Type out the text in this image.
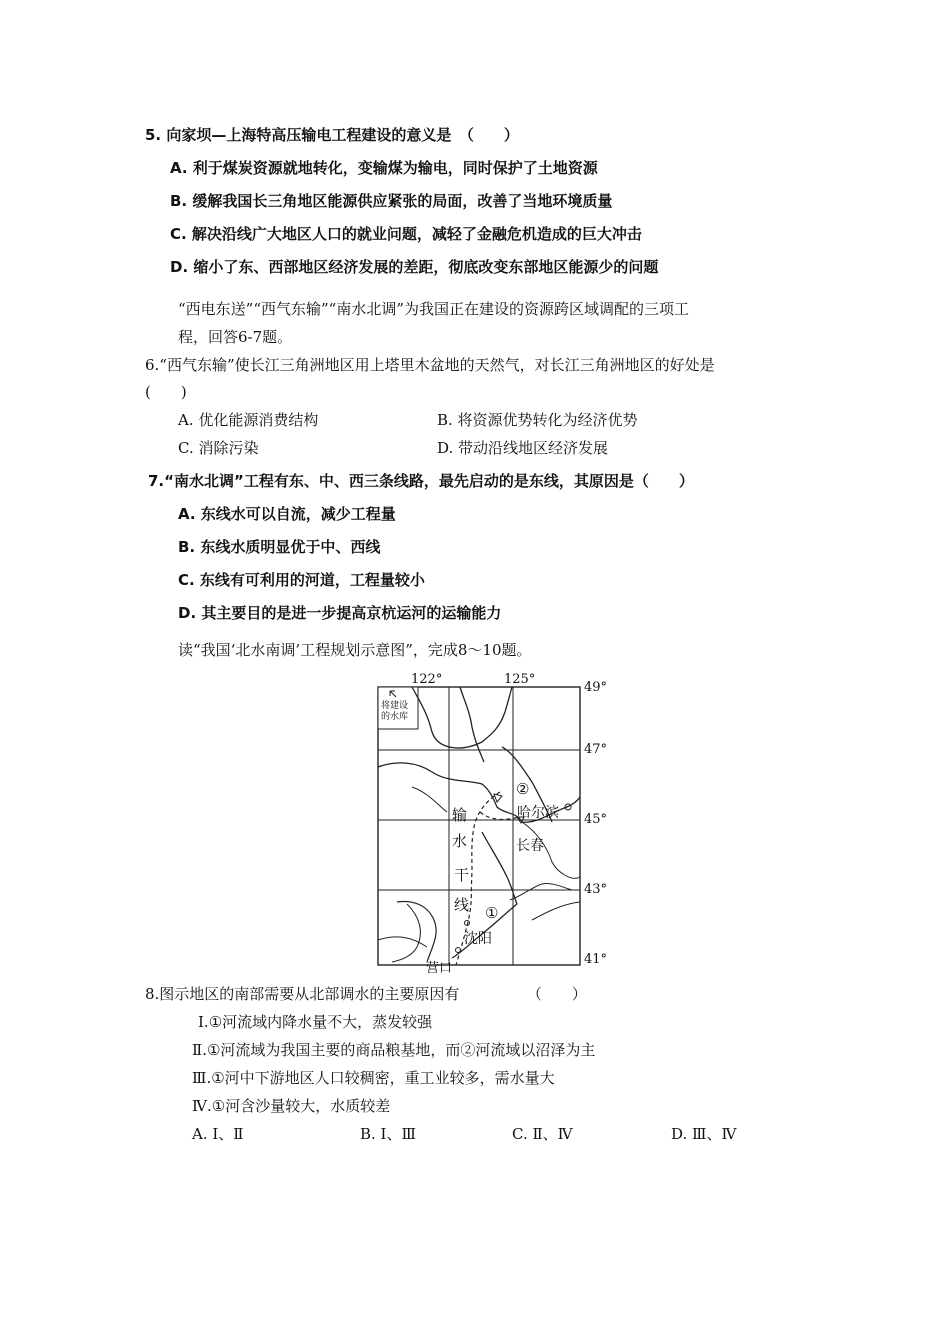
5. 向家坝—上海特高压输电工程建设的意义是　（　　）
A. 利于煤炭资源就地转化，变输煤为输电，同时保护了土地资源
B. 缓解我国长三角地区能源供应紧张的局面，改善了当地环境质量
C. 解决沿线广大地区人口的就业问题，减轻了金融危机造成的巨大冲击
D. 缩小了东、西部地区经济发展的差距，彻底改变东部地区能源少的问题
“西电东送”“西气东输”“南水北调”为我国正在建设的资源跨区域调配的三项工
程，回答6-7题。
6.“西气东输”使长江三角洲地区用上塔里木盆地的天然气，对长江三角洲地区的好处是
(　　)
A. 优化能源消费结构	B. 将资源优势转化为经济优势
C. 消除污染	D. 带动沿线地区经济发展
7.“南水北调”工程有东、中、西三条线路，最先启动的是东线，其原因是（　　）
A. 东线水可以自流，减少工程量
B. 东线水质明显优于中、西线
C. 东线有可利用的河道，工程量较小
D. 其主要目的是进一步提高京杭运河的运输能力
读“我国‘北水南调’工程规划示意图”，完成8～10题。
122°	125°
49°
47°
45°
43°
41°
将建设
的水库
输
水
干
线
哈尔滨
长春
沈阳
营口
②
①
8.图示地区的南部需要从北部调水的主要原因有　　　　　（　　）
Ⅰ.①河流域内降水量不大，蒸发较强
Ⅱ.①河流域为我国主要的商品粮基地，而②河流域以沼泽为主
Ⅲ.①河中下游地区人口较稠密，重工业较多，需水量大
Ⅳ.①河含沙量较大，水质较差
A. Ⅰ、Ⅱ	B. Ⅰ、Ⅲ	C. Ⅱ、Ⅳ	D. Ⅲ、Ⅳ
